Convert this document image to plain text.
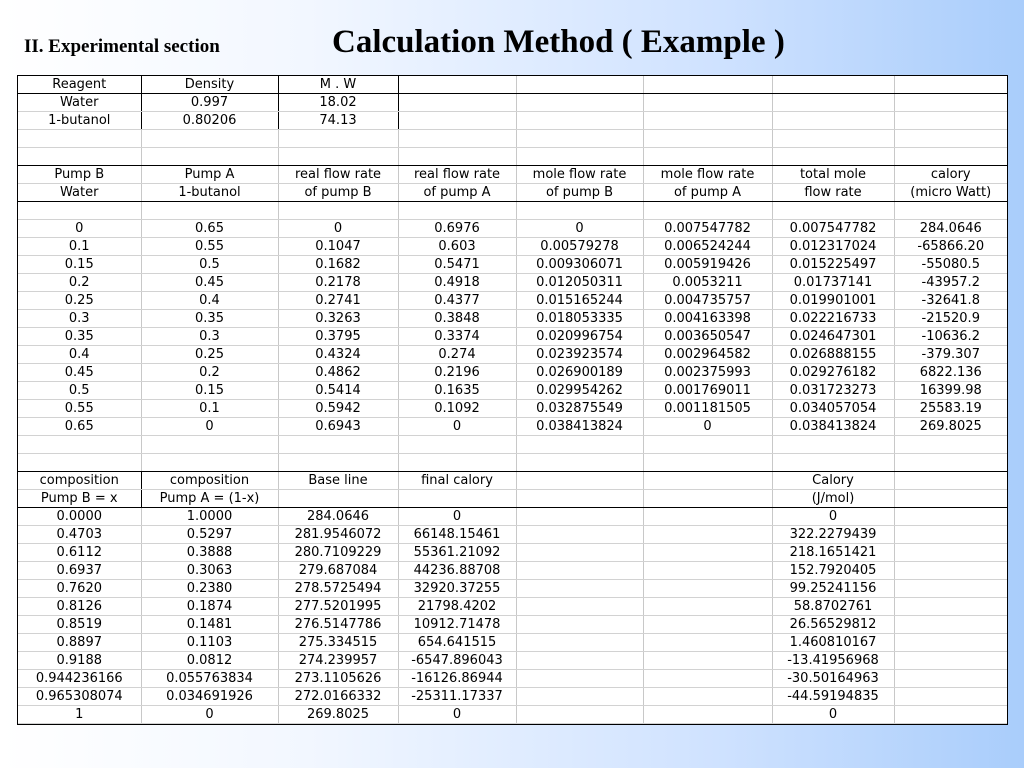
II. Experimental section	Calculation Method ( Example )
Reagent	Density	M . W					
Water	0.997	18.02					
1-butanol	0.80206	74.13					

Pump B	Pump A	real flow rate	real flow rate	mole flow rate	mole flow rate	total mole	calory
Water	1-butanol	of pump B	of pump A	of pump B	of pump A	flow rate	(micro Watt)

0	0.65	0	0.6976	0	0.007547782	0.007547782	284.0646
0.1	0.55	0.1047	0.603	0.00579278	0.006524244	0.012317024	-65866.20
0.15	0.5	0.1682	0.5471	0.009306071	0.005919426	0.015225497	-55080.5
0.2	0.45	0.2178	0.4918	0.012050311	0.0053211	0.01737141	-43957.2
0.25	0.4	0.2741	0.4377	0.015165244	0.004735757	0.019901001	-32641.8
0.3	0.35	0.3263	0.3848	0.018053335	0.004163398	0.022216733	-21520.9
0.35	0.3	0.3795	0.3374	0.020996754	0.003650547	0.024647301	-10636.2
0.4	0.25	0.4324	0.274	0.023923574	0.002964582	0.026888155	-379.307
0.45	0.2	0.4862	0.2196	0.026900189	0.002375993	0.029276182	6822.136
0.5	0.15	0.5414	0.1635	0.029954262	0.001769011	0.031723273	16399.98
0.55	0.1	0.5942	0.1092	0.032875549	0.001181505	0.034057054	25583.19
0.65	0	0.6943	0	0.038413824	0	0.038413824	269.8025

composition	composition	Base line	final calory			Calory	
Pump B = x	Pump A = (1-x)					(J/mol)	
0.0000	1.0000	284.0646	0			0	
0.4703	0.5297	281.9546072	66148.15461			322.2279439	
0.6112	0.3888	280.7109229	55361.21092			218.1651421	
0.6937	0.3063	279.687084	44236.88708			152.7920405	
0.7620	0.2380	278.5725494	32920.37255			99.25241156	
0.8126	0.1874	277.5201995	21798.4202			58.8702761	
0.8519	0.1481	276.5147786	10912.71478			26.56529812	
0.8897	0.1103	275.334515	654.641515			1.460810167	
0.9188	0.0812	274.239957	-6547.896043			-13.41956968	
0.944236166	0.055763834	273.1105626	-16126.86944			-30.50164963	
0.965308074	0.034691926	272.0166332	-25311.17337			-44.59194835	
1	0	269.8025	0			0	
